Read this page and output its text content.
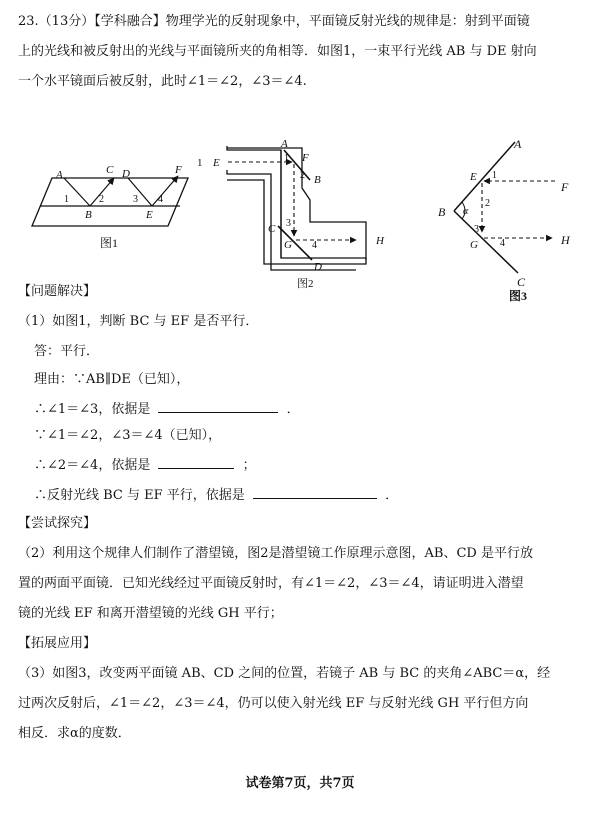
23.（13分）【学科融合】物理学光的反射现象中，平面镜反射光线的规律是：射到平面镜
上的光线和被反射出的光线与平面镜所夹的角相等．如图1，一束平行光线 AB 与 DE 射向
一个水平镜面后被反射，此时∠1＝∠2，∠3＝∠4.
A	C D	F
1	2	3 4
B	E
图1
A
E	1 F
2 B
1
C 3
G 4	H
D
图2
A
E 1
F
2
B α
3
G 4	H
C
图3
【问题解决】
（1）如图1，判断 BC 与 EF 是否平行．
答：平行．
理由：∵AB∥DE（已知），
∴∠1＝∠3，依据是	．
∵∠1＝∠2，∠3＝∠4（已知），
∴∠2＝∠4，依据是	；
∴反射光线 BC 与 EF 平行，依据是	．
【尝试探究】
（2）利用这个规律人们制作了潜望镜，图2是潜望镜工作原理示意图，AB、CD 是平行放
置的两面平面镜．已知光线经过平面镜反射时，有∠1＝∠2，∠3＝∠4，请证明进入潜望
镜的光线 EF 和离开潜望镜的光线 GH 平行；
【拓展应用】
（3）如图3，改变两平面镜 AB、CD 之间的位置，若镜子 AB 与 BC 的夹角∠ABC＝α，经
过两次反射后，∠1＝∠2，∠3＝∠4，仍可以使入射光线 EF 与反射光线 GH 平行但方向
相反．求α的度数．
试卷第7页，共7页
